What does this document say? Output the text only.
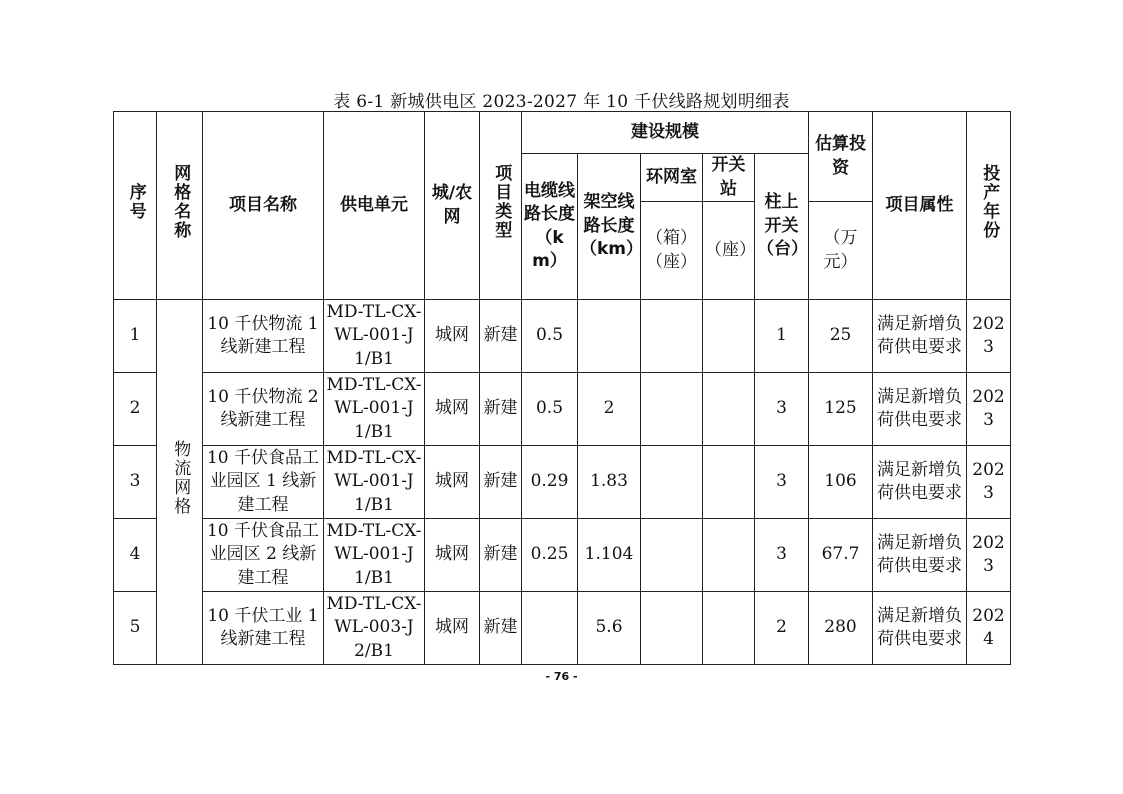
表 6-1 新城供电区 2023-2027 年 10 千伏线路规划明细表
序号	网格名称	项目名称	供电单元	城/农网	项目类型	建设规模					估算投资	项目属性	投产年份
						电缆线路长度（km）	架空线路长度（km）	环网室	开关站	柱上开关（台）			
								（箱）（座）	（座）		（万元）		
1	物流网格	10 千伏物流 1 线新建工程	MD-TL-CX-WL-001-J1/B1	城网	新建	0.5				1	25	满足新增负荷供电要求	2023
2		10 千伏物流 2 线新建工程	MD-TL-CX-WL-001-J1/B1	城网	新建	0.5	2			3	125	满足新增负荷供电要求	2023
3		10 千伏食品工业园区 1 线新建工程	MD-TL-CX-WL-001-J1/B1	城网	新建	0.29	1.83			3	106	满足新增负荷供电要求	2023
4		10 千伏食品工业园区 2 线新建工程	MD-TL-CX-WL-001-J1/B1	城网	新建	0.25	1.104			3	67.7	满足新增负荷供电要求	2023
5		10 千伏工业 1 线新建工程	MD-TL-CX-WL-003-J2/B1	城网	新建		5.6			2	280	满足新增负荷供电要求	2024
- 76 -
